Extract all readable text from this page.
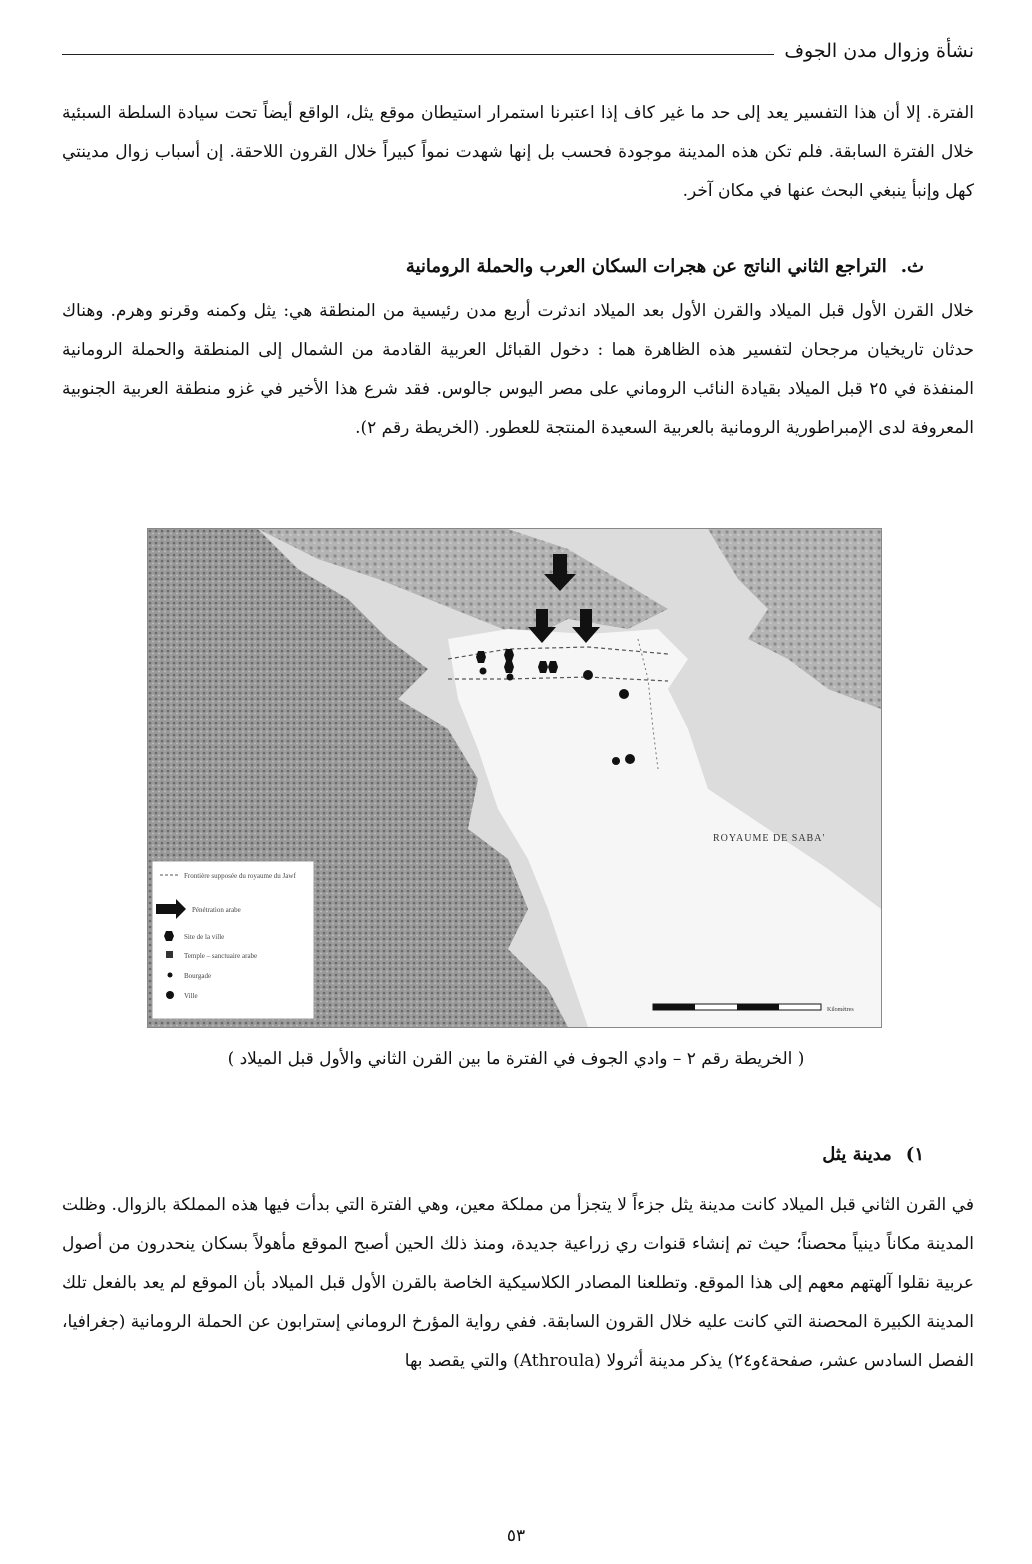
نشأة وزوال مدن الجوف
الفترة. إلا أن هذا التفسير يعد إلى حد ما غير كاف إذا اعتبرنا استمرار استيطان موقع يثل، الواقع أيضاً تحت سيادة السلطة السبئية خلال الفترة السابقة. فلم تكن هذه المدينة موجودة فحسب بل إنها شهدت نمواً كبيراً خلال القرون اللاحقة. إن أسباب زوال مدينتي كهل وإنبأ ينبغي البحث عنها في مكان آخر.
ث.التراجع الثاني الناتج عن هجرات السكان العرب والحملة الرومانية
خلال القرن الأول قبل الميلاد والقرن الأول بعد الميلاد اندثرت أربع مدن رئيسية من المنطقة هي: يثل وكمنه وقرنو وهرم. وهناك حدثان تاريخيان مرجحان لتفسير هذه الظاهرة هما : دخول القبائل العربية القادمة من الشمال إلى المنطقة والحملة الرومانية المنفذة في ٢٥ قبل الميلاد بقيادة النائب الروماني على مصر اليوس جالوس. فقد شرع هذا الأخير في غزو منطقة العربية الجنوبية المعروفة لدى الإمبراطورية الرومانية بالعربية السعيدة المنتجة للعطور. (الخريطة رقم ٢).
ROYAUME DE SABA'
Frontière supposée du royaume du Jawf
Pénétration arabe
Site de la ville
Temple – sanctuaire arabe
Bourgade
Ville
Kilomètres
( الخريطة رقم ٢ – وادي الجوف في الفترة ما بين القرن الثاني والأول قبل الميلاد )
١)مدينة يثل
في القرن الثاني قبل الميلاد كانت مدينة يثل جزءاً لا يتجزأ من مملكة معين، وهي الفترة التي بدأت فيها هذه المملكة بالزوال. وظلت المدينة مكاناً دينياً محصناً؛ حيث تم إنشاء قنوات ري زراعية جديدة، ومنذ ذلك الحين أصبح الموقع مأهولاً بسكان ينحدرون من أصول عربية نقلوا آلهتهم معهم إلى هذا الموقع. وتطلعنا المصادر الكلاسيكية الخاصة بالقرن الأول قبل الميلاد بأن الموقع لم يعد بالفعل تلك المدينة الكبيرة المحصنة التي كانت عليه خلال القرون السابقة. ففي رواية المؤرخ الروماني إسترابون عن الحملة الرومانية (جغرافيا، الفصل السادس عشر، صفحة٤و٢٤) يذكر مدينة أثرولا (Athroula) والتي يقصد بها
٥٣
